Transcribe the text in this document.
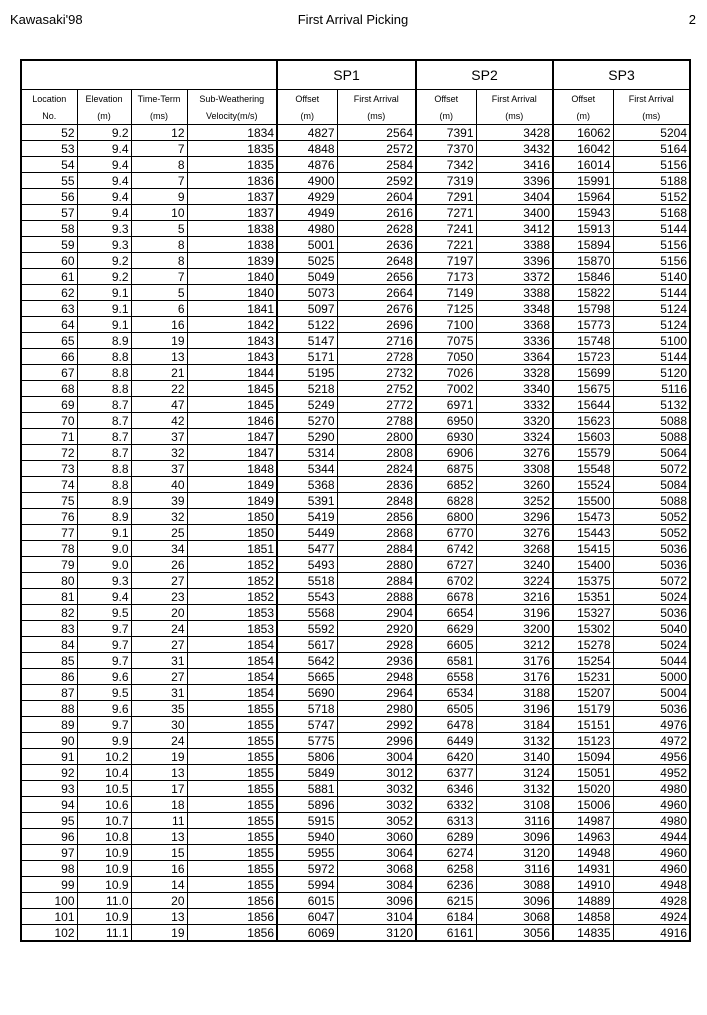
Kawasaki'98	First Arrival Picking	2
				SP1		SP2		SP3	
Location	Elevation	Time-Term	Sub-Weathering	Offset	First Arrival	Offset	First Arrival	Offset	First Arrival
No.	(m)	(ms)	Velocity(m/s)	(m)	(ms)	(m)	(ms)	(m)	(ms)
52	9.2	12	1834	4827	2564	7391	3428	16062	5204
53	9.4	7	1835	4848	2572	7370	3432	16042	5164
54	9.4	8	1835	4876	2584	7342	3416	16014	5156
55	9.4	7	1836	4900	2592	7319	3396	15991	5188
56	9.4	9	1837	4929	2604	7291	3404	15964	5152
57	9.4	10	1837	4949	2616	7271	3400	15943	5168
58	9.3	5	1838	4980	2628	7241	3412	15913	5144
59	9.3	8	1838	5001	2636	7221	3388	15894	5156
60	9.2	8	1839	5025	2648	7197	3396	15870	5156
61	9.2	7	1840	5049	2656	7173	3372	15846	5140
62	9.1	5	1840	5073	2664	7149	3388	15822	5144
63	9.1	6	1841	5097	2676	7125	3348	15798	5124
64	9.1	16	1842	5122	2696	7100	3368	15773	5124
65	8.9	19	1843	5147	2716	7075	3336	15748	5100
66	8.8	13	1843	5171	2728	7050	3364	15723	5144
67	8.8	21	1844	5195	2732	7026	3328	15699	5120
68	8.8	22	1845	5218	2752	7002	3340	15675	5116
69	8.7	47	1845	5249	2772	6971	3332	15644	5132
70	8.7	42	1846	5270	2788	6950	3320	15623	5088
71	8.7	37	1847	5290	2800	6930	3324	15603	5088
72	8.7	32	1847	5314	2808	6906	3276	15579	5064
73	8.8	37	1848	5344	2824	6875	3308	15548	5072
74	8.8	40	1849	5368	2836	6852	3260	15524	5084
75	8.9	39	1849	5391	2848	6828	3252	15500	5088
76	8.9	32	1850	5419	2856	6800	3296	15473	5052
77	9.1	25	1850	5449	2868	6770	3276	15443	5052
78	9.0	34	1851	5477	2884	6742	3268	15415	5036
79	9.0	26	1852	5493	2880	6727	3240	15400	5036
80	9.3	27	1852	5518	2884	6702	3224	15375	5072
81	9.4	23	1852	5543	2888	6678	3216	15351	5024
82	9.5	20	1853	5568	2904	6654	3196	15327	5036
83	9.7	24	1853	5592	2920	6629	3200	15302	5040
84	9.7	27	1854	5617	2928	6605	3212	15278	5024
85	9.7	31	1854	5642	2936	6581	3176	15254	5044
86	9.6	27	1854	5665	2948	6558	3176	15231	5000
87	9.5	31	1854	5690	2964	6534	3188	15207	5004
88	9.6	35	1855	5718	2980	6505	3196	15179	5036
89	9.7	30	1855	5747	2992	6478	3184	15151	4976
90	9.9	24	1855	5775	2996	6449	3132	15123	4972
91	10.2	19	1855	5806	3004	6420	3140	15094	4956
92	10.4	13	1855	5849	3012	6377	3124	15051	4952
93	10.5	17	1855	5881	3032	6346	3132	15020	4980
94	10.6	18	1855	5896	3032	6332	3108	15006	4960
95	10.7	11	1855	5915	3052	6313	3116	14987	4980
96	10.8	13	1855	5940	3060	6289	3096	14963	4944
97	10.9	15	1855	5955	3064	6274	3120	14948	4960
98	10.9	16	1855	5972	3068	6258	3116	14931	4960
99	10.9	14	1855	5994	3084	6236	3088	14910	4948
100	11.0	20	1856	6015	3096	6215	3096	14889	4928
101	10.9	13	1856	6047	3104	6184	3068	14858	4924
102	11.1	19	1856	6069	3120	6161	3056	14835	4916
